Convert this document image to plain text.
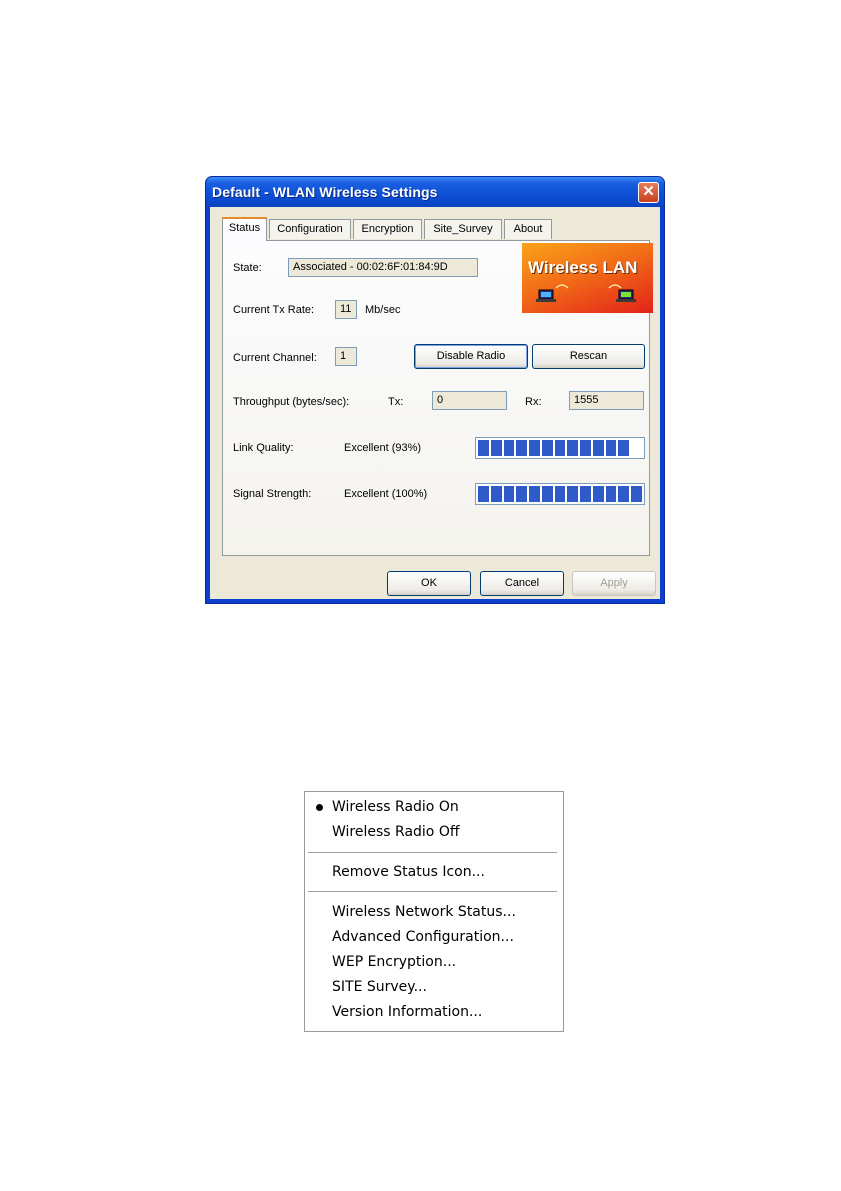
Default - WLAN Wireless Settings	✕
Status	Configuration	Encryption	Site_Survey	About
State:	Associated - 00:02:6F:01:84:9D	Wireless LAN
Current Tx Rate:	11	Mb/sec
Current Channel:	1	Disable Radio	Rescan
Throughput (bytes/sec):	Tx:	0	Rx:	1555
Link Quality:	Excellent (93%)
Signal Strength:	Excellent (100%)
OK	Cancel	Apply
Wireless Radio On
Wireless Radio Off
Remove Status Icon...
Wireless Network Status...
Advanced Configuration...
WEP Encryption...
SITE Survey...
Version Information...
